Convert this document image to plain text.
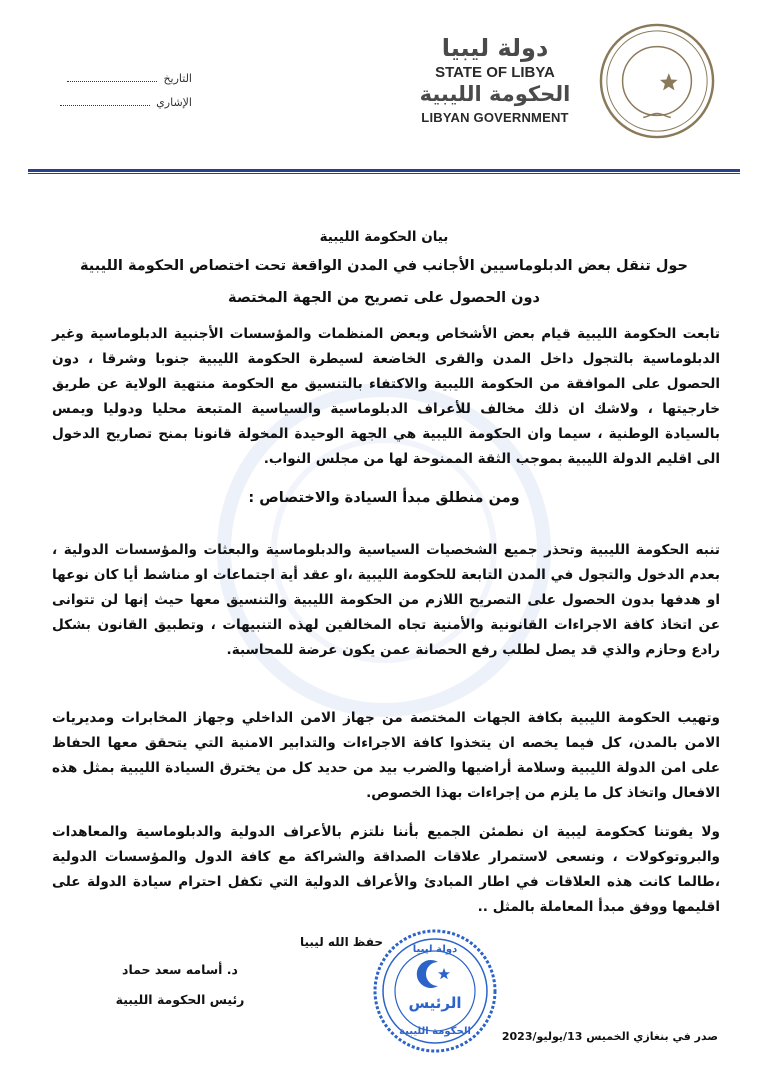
دولة ليبيا
STATE OF LIBYA
الحكومة الليبية
LIBYAN GOVERNMENT
التاريخ
الإشاري
بيان الحكومة الليبية
حول تنقل بعض الدبلوماسيين الأجانب في المدن الواقعة تحت اختصاص الحكومة الليبية
دون الحصول على تصريح من الجهة المختصة
تابعت الحكومة الليبية قيام بعض الأشخاص وبعض المنظمات والمؤسسات الأجنبية الدبلوماسية وغير الدبلوماسية بالتجول داخل المدن والقرى الخاضعة لسيطرة الحكومة الليبية جنوبا وشرقا ، دون الحصول على الموافقة من الحكومة الليبية والاكتفاء بالتنسيق مع الحكومة منتهية الولاية عن طريق خارجيتها ، ولاشك ان ذلك مخالف للأعراف الدبلوماسية والسياسية المتبعة محليا ودوليا ويمس بالسيادة الوطنية ، سيما وان الحكومة الليبية هي الجهة الوحيدة المخولة قانونا بمنح تصاريح الدخول الى اقليم الدولة الليبية بموجب الثقة الممنوحة لها من مجلس النواب.
ومن منطلق مبدأ السيادة والاختصاص :
تنبه الحكومة الليبية وتحذر جميع الشخصيات السياسية والدبلوماسية والبعثات والمؤسسات الدولية ، بعدم الدخول والتجول في المدن التابعة للحكومة الليبية ،او عقد أية اجتماعات او مناشط أيا كان نوعها او هدفها بدون الحصول على التصريح اللازم من الحكومة الليبية والتنسيق معها حيث إنها لن تتوانى عن اتخاذ كافة الاجراءات القانونية والأمنية تجاه المخالفين لهذه التنبيهات ، وتطبيق القانون بشكل رادع وحازم والذي قد يصل لطلب رفع الحصانة عمن يكون عرضة للمحاسبة.
وتهيب الحكومة الليبية بكافة الجهات المختصة من جهاز الامن الداخلي وجهاز المخابرات ومديريات الامن بالمدن، كل فيما يخصه ان يتخذوا كافة الاجراءات والتدابير الامنية التي يتحقق معها الحفاظ على امن الدولة الليبية وسلامة أراضيها والضرب بيد من حديد كل من يخترق السيادة الليبية بمثل هذه الافعال واتخاذ كل ما يلزم من إجراءات بهذا الخصوص.
ولا يفوتنا كحكومة ليبية ان نطمئن الجميع بأننا نلتزم بالأعراف الدولية والدبلوماسية والمعاهدات والبروتوكولات ، ونسعى لاستمرار علاقات الصداقة والشراكة مع كافة الدول والمؤسسات الدولية ،طالما كانت هذه العلاقات في اطار المبادئ والأعراف الدولية التي تكفل احترام سيادة الدولة على اقليمها ووفق مبدأ المعاملة بالمثل ..
حفظ الله ليبيا
د. أسامه سعد حماد
رئيس الحكومة الليبية
دولة ليبيا
الرئيس
الحكومة الليبية	صدر في بنغازي الخميس 13/يوليو/2023
